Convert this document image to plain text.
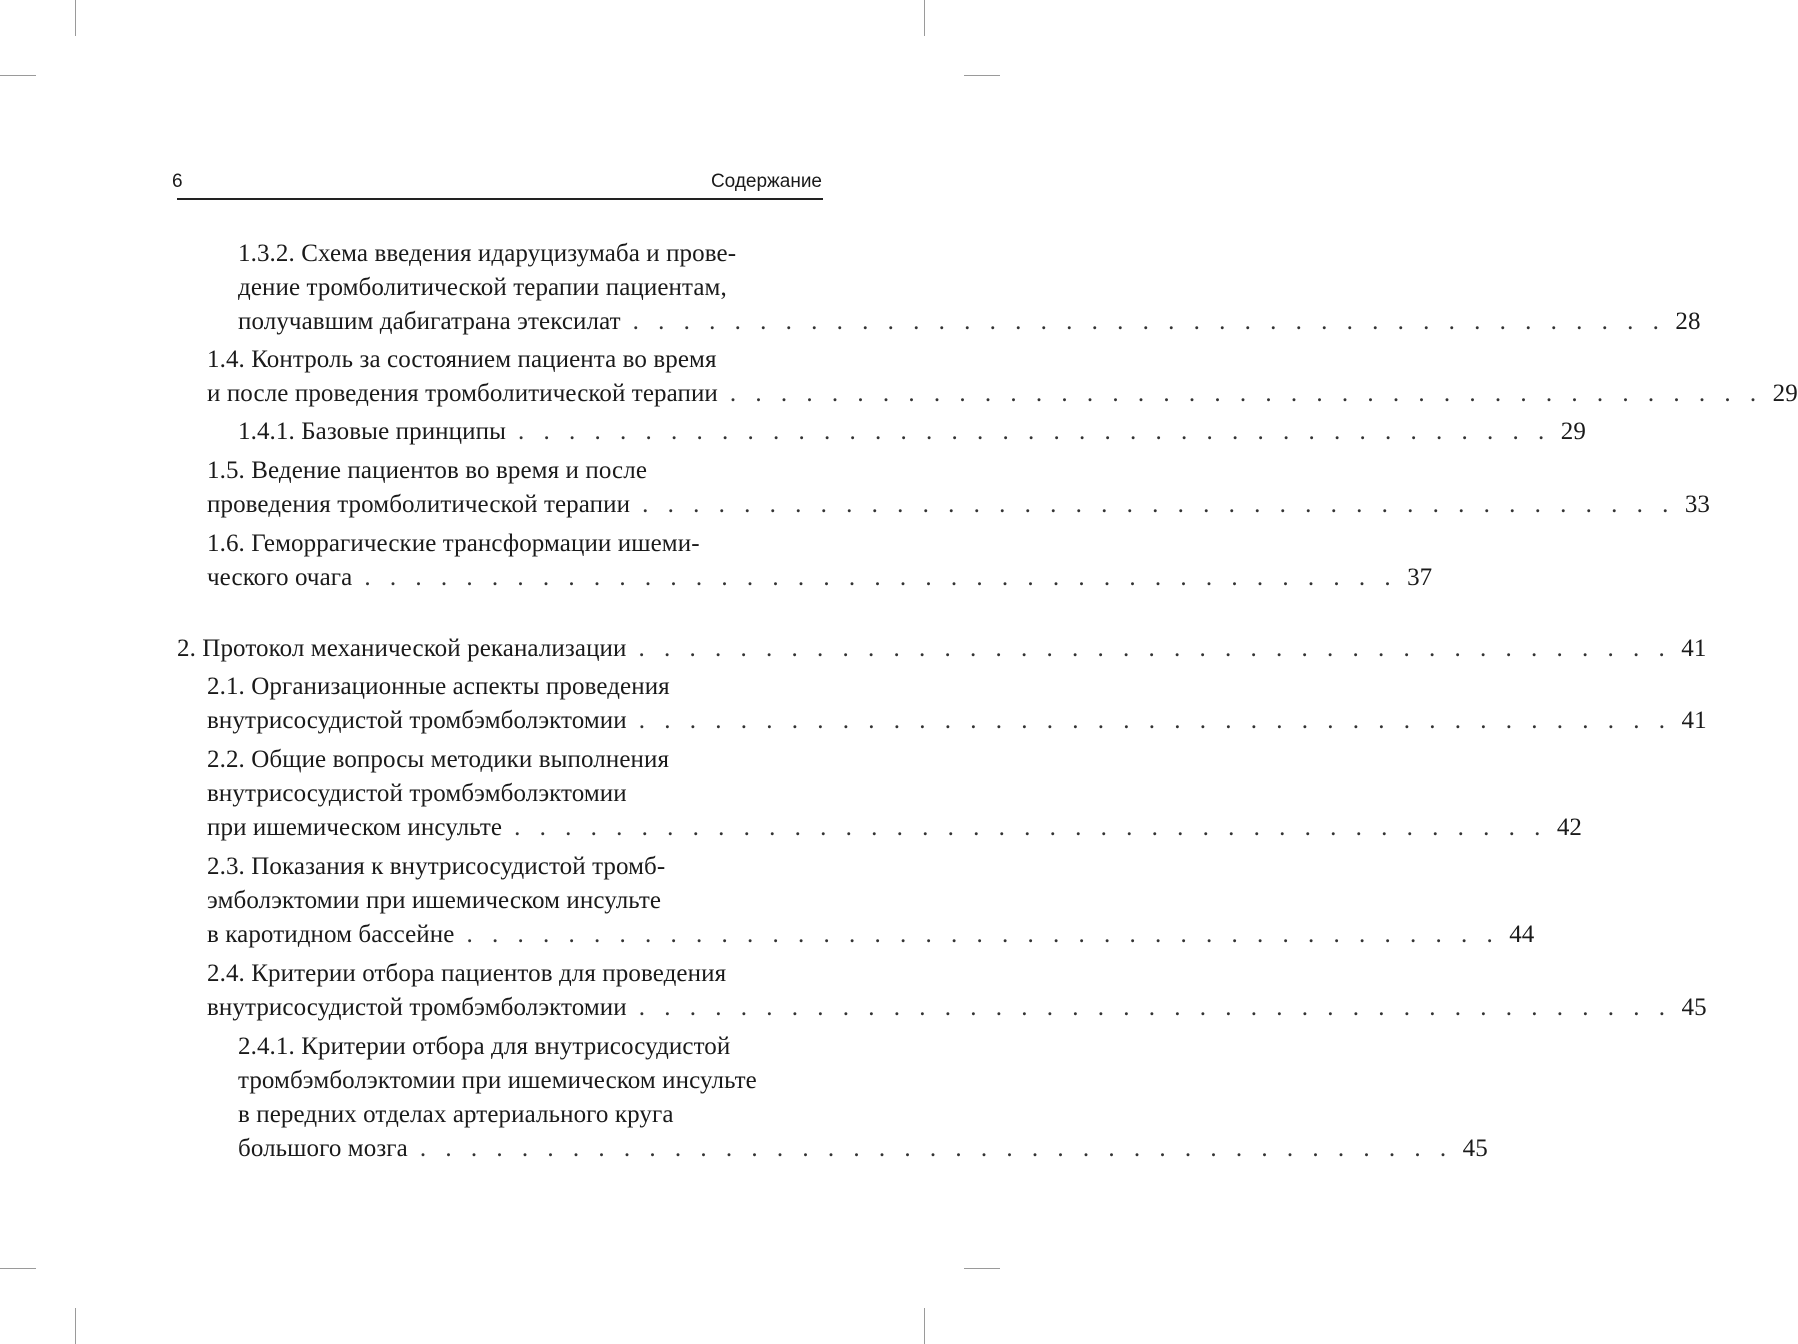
6	Содержание
1.3.2. Схема введения идаруцизумаба и прове-
дение тромболитической терапии пациентам,
получавшим дабигатрана этексилат . . . . . . . . . . . . . . . . . . . . . . . . . . . . . . . . . . . . . . . . . 28
1.4. Контроль за состоянием пациента во время
и после проведения тромболитической терапии . . . . . . . . . . . . . . . . . . . . . . . . . . . . . . . . . . . . . . . . . 29
1.4.1. Базовые принципы . . . . . . . . . . . . . . . . . . . . . . . . . . . . . . . . . . . . . . . . . 29
1.5. Ведение пациентов во время и после
проведения тромболитической терапии . . . . . . . . . . . . . . . . . . . . . . . . . . . . . . . . . . . . . . . . . 33
1.6. Геморрагические трансформации ишеми-
ческого очага . . . . . . . . . . . . . . . . . . . . . . . . . . . . . . . . . . . . . . . . . 37
2. Протокол механической реканализации . . . . . . . . . . . . . . . . . . . . . . . . . . . . . . . . . . . . . . . . . 41
2.1. Организационные аспекты проведения
внутрисосудистой тромбэмболэктомии . . . . . . . . . . . . . . . . . . . . . . . . . . . . . . . . . . . . . . . . . 41
2.2. Общие вопросы методики выполнения
внутрисосудистой тромбэмболэктомии
при ишемическом инсульте . . . . . . . . . . . . . . . . . . . . . . . . . . . . . . . . . . . . . . . . . 42
2.3. Показания к внутрисосудистой тромб-
эмболэктомии при ишемическом инсульте
в каротидном бассейне . . . . . . . . . . . . . . . . . . . . . . . . . . . . . . . . . . . . . . . . . 44
2.4. Критерии отбора пациентов для проведения
внутрисосудистой тромбэмболэктомии . . . . . . . . . . . . . . . . . . . . . . . . . . . . . . . . . . . . . . . . . 45
2.4.1. Критерии отбора для внутрисосудистой
тромбэмболэктомии при ишемическом инсульте
в передних отделах артериального круга
большого мозга . . . . . . . . . . . . . . . . . . . . . . . . . . . . . . . . . . . . . . . . . 45
